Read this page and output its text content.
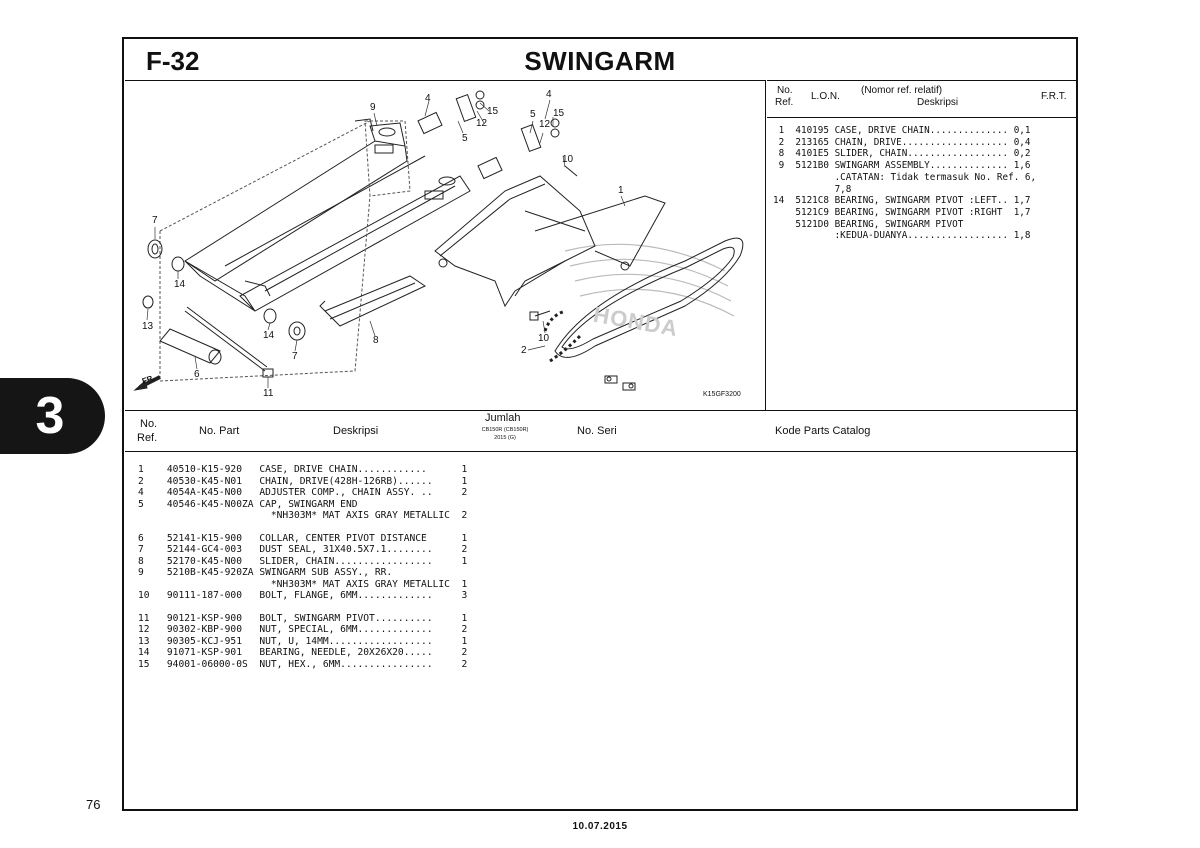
F-32	SWINGARM
9
4
15
12
5
4
5 15
12
10
1
7
14
13
14
7
8
6
11
10
2
FR.
HONDA
K15GF3200
No.
Ref.
L.O.N.
(Nomor ref. relatif)
Deskripsi
F.R.T.
1  410195 CASE, DRIVE CHAIN.............. 0,1
2  213165 CHAIN, DRIVE................... 0,4
8  4101E5 SLIDER, CHAIN.................. 0,2
9  5121B0 SWINGARM ASSEMBLY.............. 1,6
.CATATAN: Tidak termasuk No. Ref. 6,
7,8
14  5121C8 BEARING, SWINGARM PIVOT :LEFT.. 1,7
5121C9 BEARING, SWINGARM PIVOT :RIGHT  1,7
5121D0 BEARING, SWINGARM PIVOT
:KEDUA-DUANYA.................. 1,8
No.
Ref.
No. Part	Deskripsi
Jumlah
CB150R (CB150R)
2015 (G)
No. Seri	Kode Parts Catalog
1    40510-K15-920   CASE, DRIVE CHAIN............      1
2    40530-K45-N01   CHAIN, DRIVE(428H-126RB)......     1
4    4054A-K45-N00   ADJUSTER COMP., CHAIN ASSY. ..     2
5    40546-K45-N00ZA CAP, SWINGARM END
*NH303M* MAT AXIS GRAY METALLIC  2
6    52141-K15-900   COLLAR, CENTER PIVOT DISTANCE      1
7    52144-GC4-003   DUST SEAL, 31X40.5X7.1........     2
8    52170-K45-N00   SLIDER, CHAIN.................     1
9    5210B-K45-920ZA SWINGARM SUB ASSY., RR.
*NH303M* MAT AXIS GRAY METALLIC  1
10   90111-187-000   BOLT, FLANGE, 6MM.............     3
11   90121-KSP-900   BOLT, SWINGARM PIVOT..........     1
12   90302-KBP-900   NUT, SPECIAL, 6MM.............     2
13   90305-KCJ-951   NUT, U, 14MM..................     1
14   91071-KSP-901   BEARING, NEEDLE, 20X26X20.....     2
15   94001-06000-0S  NUT, HEX., 6MM................     2
3
76
10.07.2015
